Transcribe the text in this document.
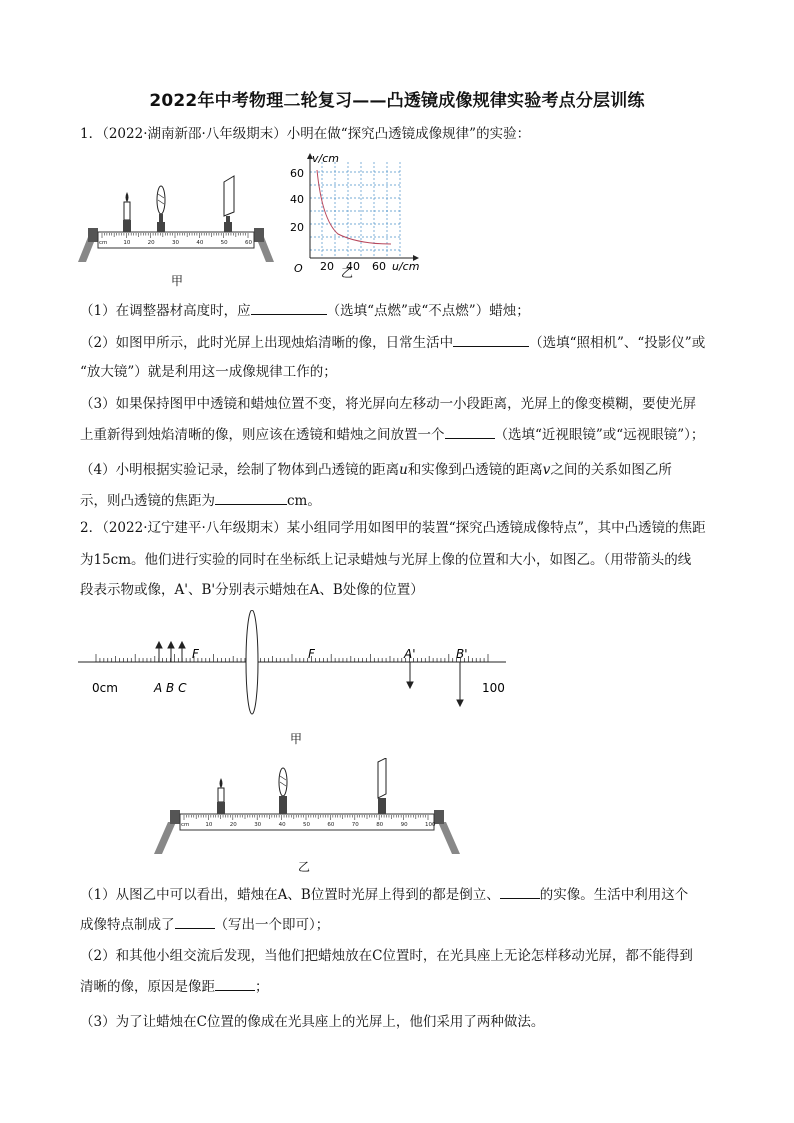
2022年中考物理二轮复习——凸透镜成像规律实验考点分层训练
1．（2022·湖南新邵·八年级期末）小明在做“探究凸透镜成像规律”的实验：
cm	10	20	30	40	50	60
甲
v/cm
u/cm
O
60
40
20
20 40 60
乙
（1）在调整器材高度时，应	（选填“点燃”或“不点燃”）蜡烛；
（2）如图甲所示，此时光屏上出现烛焰清晰的像，日常生活中	（选填“照相机”、“投影仪”或
“放大镜”）就是利用这一成像规律工作的；
（3）如果保持图甲中透镜和蜡烛位置不变，将光屏向左移动一小段距离，光屏上的像变模糊，要使光屏
上重新得到烛焰清晰的像，则应该在透镜和蜡烛之间放置一个	（选填“近视眼镜”或“远视眼镜”）；
（4）小明根据实验记录，绘制了物体到凸透镜的距离u和实像到凸透镜的距离v之间的关系如图乙所
示，则凸透镜的焦距为	cm。
2．（2022·辽宁建平·八年级期末）某小组同学用如图甲的装置“探究凸透镜成像特点”，其中凸透镜的焦距
为15cm。他们进行实验的同时在坐标纸上记录蜡烛与光屏上像的位置和大小，如图乙。（用带箭头的线
段表示物或像，A'、B'分别表示蜡烛在A、B处像的位置）
F	F	A'	B'
0cm	100
A B C
甲
cm	10	20	30	40	50	60	70	80	90	100
乙
（1）从图乙中可以看出，蜡烛在A、B位置时光屏上得到的都是倒立、	的实像。生活中利用这个
成像特点制成了	（写出一个即可）；
（2）和其他小组交流后发现，当他们把蜡烛放在C位置时，在光具座上无论怎样移动光屏，都不能得到
清晰的像，原因是像距	；
（3）为了让蜡烛在C位置的像成在光具座上的光屏上，他们采用了两种做法。
